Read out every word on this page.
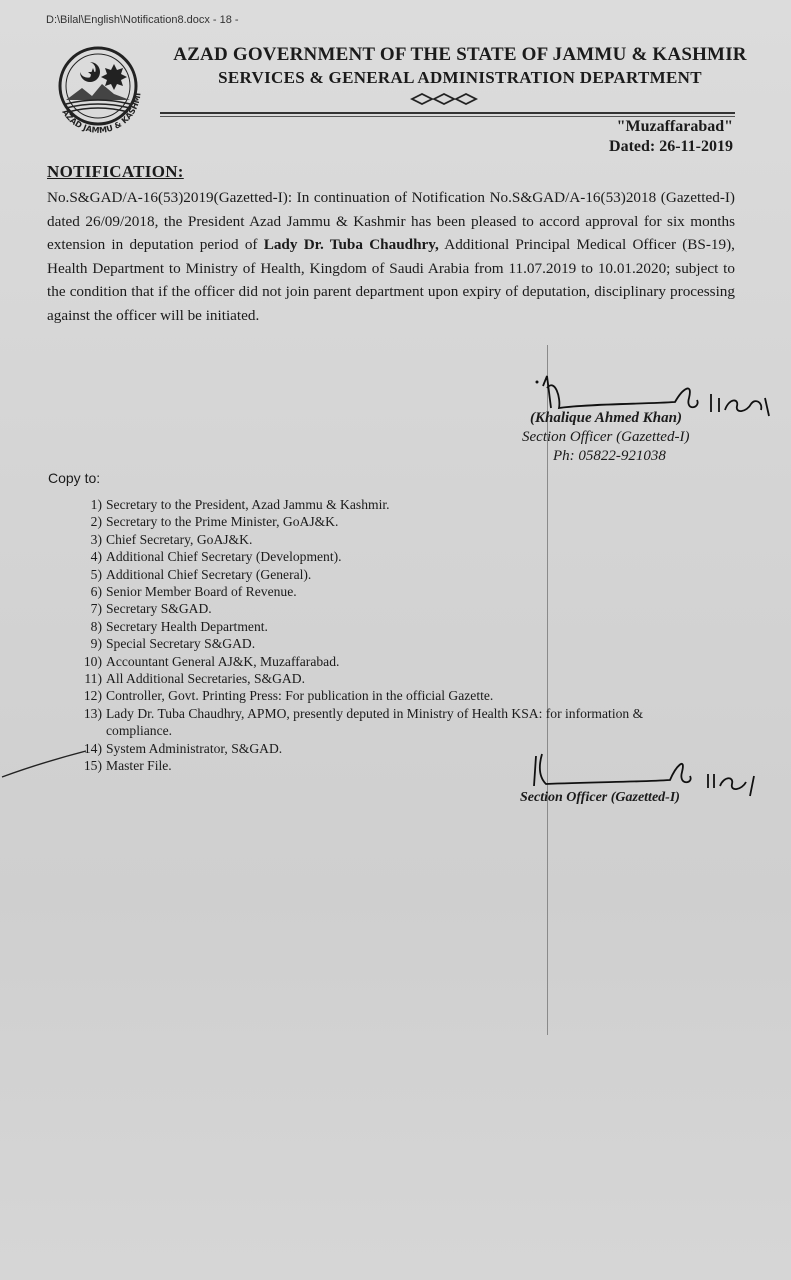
D:\Bilal\English\Notification8.docx - 18 -
AZAD JAMMU & KASHMIR	AZAD GOVERNMENT OF THE STATE OF JAMMU & KASHMIR
SERVICES & GENERAL ADMINISTRATION DEPARTMENT
"Muzaffarabad"
Dated: 26-11-2019
NOTIFICATION:
No.S&GAD/A-16(53)2019(Gazetted-I): In continuation of Notification No.S&GAD/A-16(53)2018 (Gazetted-I) dated 26/09/2018, the President Azad Jammu & Kashmir has been pleased to accord approval for six months extension in deputation period of Lady Dr. Tuba Chaudhry, Additional Principal Medical Officer (BS-19), Health Department to Ministry of Health, Kingdom of Saudi Arabia from 11.07.2019 to 10.01.2020; subject to the condition that if the officer did not join parent department upon expiry of deputation, disciplinary processing against the officer will be initiated.
(Khalique Ahmed Khan)
Section Officer (Gazetted-I)
Ph: 05822-921038
Copy to:
1) Secretary to the President, Azad Jammu & Kashmir.
2) Secretary to the Prime Minister, GoAJ&K.
3) Chief Secretary, GoAJ&K.
4) Additional Chief Secretary (Development).
5) Additional Chief Secretary (General).
6) Senior Member Board of Revenue.
7) Secretary S&GAD.
8) Secretary Health Department.
9) Special Secretary S&GAD.
10) Accountant General AJ&K, Muzaffarabad.
11) All Additional Secretaries, S&GAD.
12) Controller, Govt. Printing Press: For publication in the official Gazette.
13) Lady Dr. Tuba Chaudhry, APMO, presently deputed in Ministry of Health KSA: for information &
compliance.
14) System Administrator, S&GAD.
15) Master File.
Section Officer (Gazetted-I)
